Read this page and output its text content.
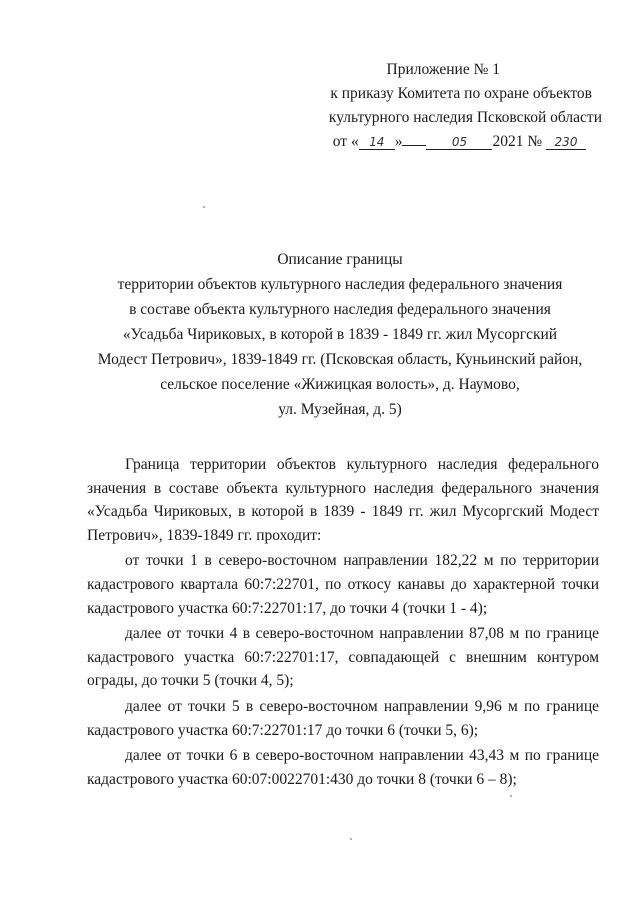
Приложение № 1
к приказу Комитета по охране объектов
культурного наследия Псковской области
от « 14 »	05 2021 № 230
Описание границы
территории объектов культурного наследия федерального значения
в составе объекта культурного наследия федерального значения
«Усадьба Чириковых, в которой в 1839 - 1849 гг. жил Мусоргский
Модест Петрович», 1839-1849 гг. (Псковская область, Куньинский район,
сельское поселение «Жижицкая волость», д. Наумово,
ул. Музейная, д. 5)

Граница территории объектов культурного наследия федерального значения в составе объекта культурного наследия федерального значения «Усадьба Чириковых, в которой в 1839 - 1849 гг. жил Мусоргский Модест Петрович», 1839-1849 гг. проходит:

от точки 1 в северо-восточном направлении 182,22 м по территории кадастрового квартала 60:7:22701, по откосу канавы до характерной точки кадастрового участка 60:7:22701:17, до точки 4 (точки 1 - 4);

далее от точки 4 в северо-восточном направлении 87,08 м по границе кадастрового участка 60:7:22701:17, совпадающей с внешним контуром ограды, до точки 5 (точки 4, 5);

далее от точки 5 в северо-восточном направлении 9,96 м по границе кадастрового участка 60:7:22701:17 до точки 6 (точки 5, 6);

далее от точки 6 в северо-восточном направлении 43,43 м по границе кадастрового участка 60:07:0022701:430 до точки 8 (точки 6 – 8);
